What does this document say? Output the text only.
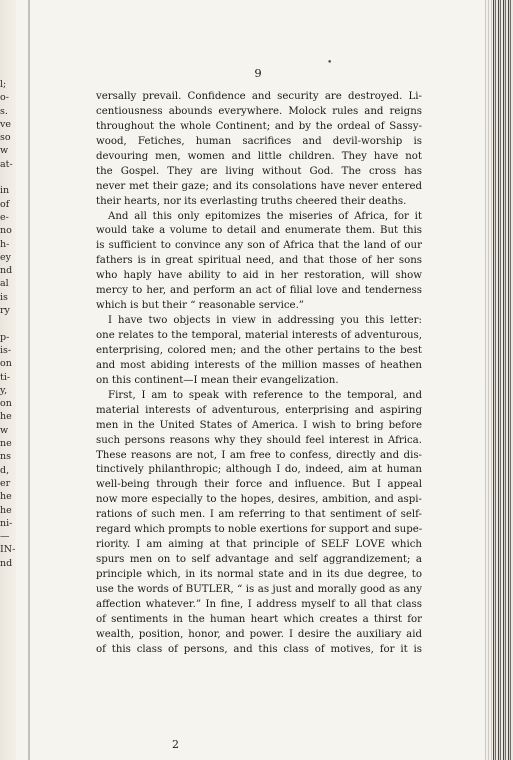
l;
o-
s.
ve
so
w
at-
in
of
e-
no
h-
ey
nd
al
is
ry
p-
is-
on
ti-
y,
on
he
w
ne
ns
d,
er
he
he
ni-
—
IN-
nd
9
•
versally prevail. Confidence and security are destroyed. Li-
centiousness abounds everywhere. Molock rules and reigns
throughout the whole Continent; and by the ordeal of Sassy-
wood, Fetiches, human sacrifices and devil-worship is
devouring men, women and little children. They have not
the Gospel. They are living without God. The cross has
never met their gaze; and its consolations have never entered
their hearts, nor its everlasting truths cheered their deaths.
And all this only epitomizes the miseries of Africa, for it
would take a volume to detail and enumerate them. But this
is sufficient to convince any son of Africa that the land of our
fathers is in great spiritual need, and that those of her sons
who haply have ability to aid in her restoration, will show
mercy to her, and perform an act of filial love and tenderness
which is but their “ reasonable service.”
I have two objects in view in addressing you this letter:
one relates to the temporal, material interests of adventurous,
enterprising, colored men; and the other pertains to the best
and most abiding interests of the million masses of heathen
on this continent—I mean their evangelization.
First, I am to speak with reference to the temporal, and
material interests of adventurous, enterprising and aspiring
men in the United States of America. I wish to bring before
such persons reasons why they should feel interest in Africa.
These reasons are not, I am free to confess, directly and dis-
tinctively philanthropic; although I do, indeed, aim at human
well-being through their force and influence. But I appeal
now more especially to the hopes, desires, ambition, and aspi-
rations of such men. I am referring to that sentiment of self-
regard which prompts to noble exertions for support and supe-
riority. I am aiming at that principle of SELF LOVE which
spurs men on to self advantage and self aggrandizement; a
principle which, in its normal state and in its due degree, to
use the words of BUTLER, “ is as just and morally good as any
affection whatever.” In fine, I address myself to all that class
of sentiments in the human heart which creates a thirst for
wealth, position, honor, and power. I desire the auxiliary aid
of this class of persons, and this class of motives, for it is
2
